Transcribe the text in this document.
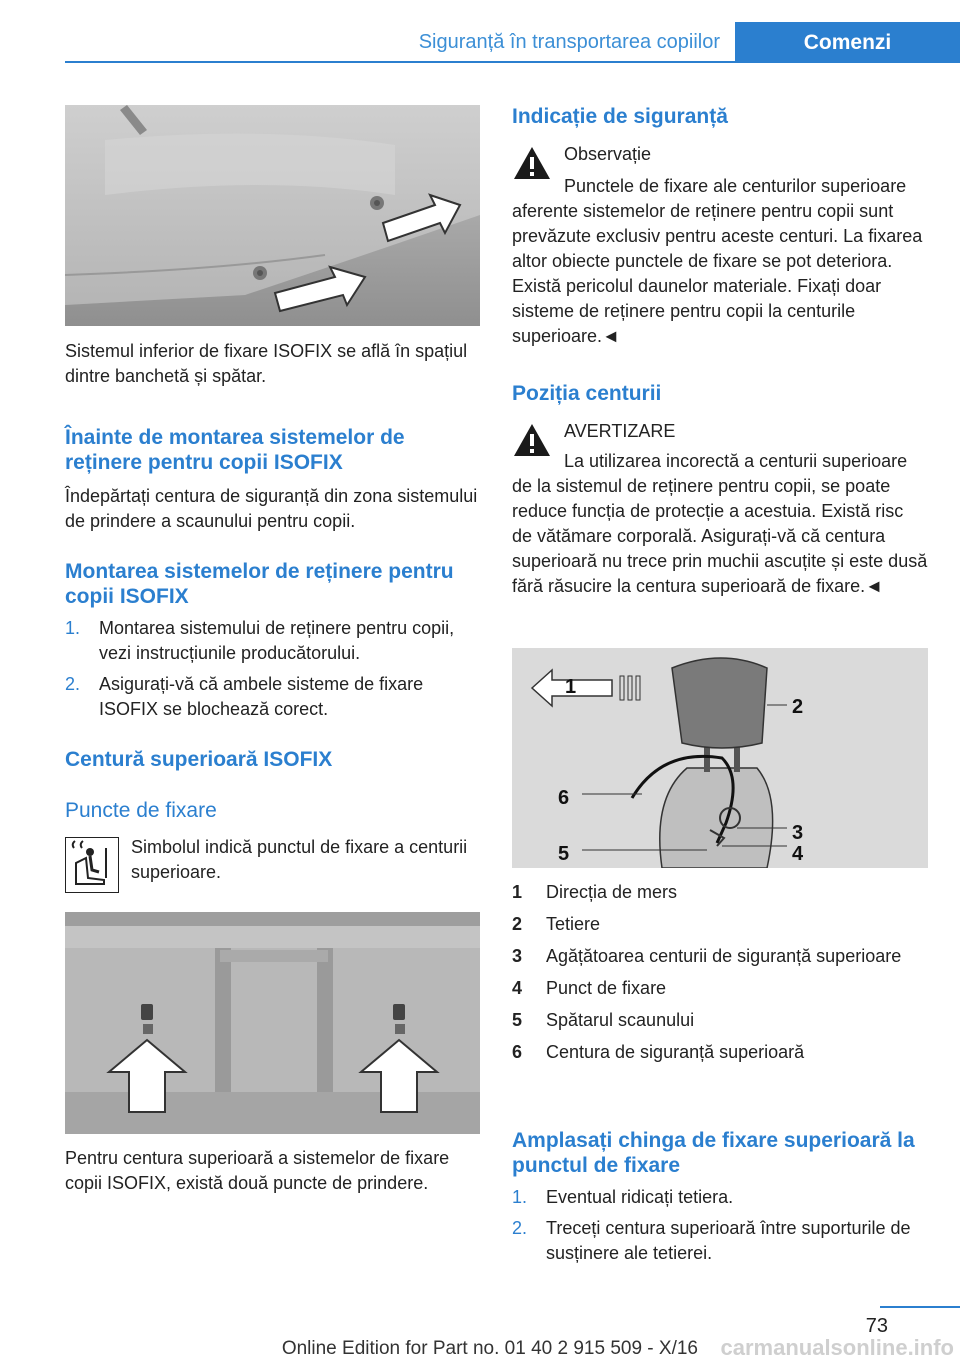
Siguranță în transportarea copiilor	Comenzi

Sistemul inferior de fixare ISOFIX se află în spațiul dintre banchetă și spătar.

Înainte de montarea sistemelor de reținere pentru copii ISOFIX

Îndepărtați centura de siguranță din zona sistemului de prindere a scaunului pentru copii.

Montarea sistemelor de reținere pentru copii ISOFIX
1. Montarea sistemului de reținere pentru copii, vezi instrucțiunile producătorului.
2. Asigurați-vă că ambele sisteme de fixare ISOFIX se blochează corect.
Centură superioară ISOFIX
Puncte de fixare

Simbolul indică punctul de fixare a centurii superioare.

Pentru centura superioară a sistemelor de fixare copii ISOFIX, există două puncte de prindere.

Indicație de siguranță

Observație

Punctele de fixare ale centurilor superioare aferente sistemelor de reținere pentru copii sunt prevăzute exclusiv pentru aceste centuri. La fixarea altor obiecte punctele de fixare se pot deteriora. Există pericolul daunelor materiale. Fixați doar sisteme de reținere pentru copii la centurile superioare.◄

Poziția centurii

AVERTIZARE

La utilizarea incorectă a centurii superioare de la sistemul de reținere pentru copii, se poate reduce funcția de protecție a acestuia. Există risc de vătămare corporală. Asigurați-vă că centura superioară nu trece prin muchii ascuțite și este dusă fără răsucire la centura superioară de fixare.◄

1
2
3
4
5
6
1 Direcția de mers
2 Tetiere
3 Agățătoarea centurii de siguranță superioare
4 Punct de fixare
5 Spătarul scaunului
6 Centura de siguranță superioară
Amplasați chinga de fixare superioară la punctul de fixare
1. Eventual ridicați tetiera.
2. Treceți centura superioară între suporturile de susținere ale tetierei.
73
Online Edition for Part no. 01 40 2 915 509 - X/16	carmanualsonline.info
